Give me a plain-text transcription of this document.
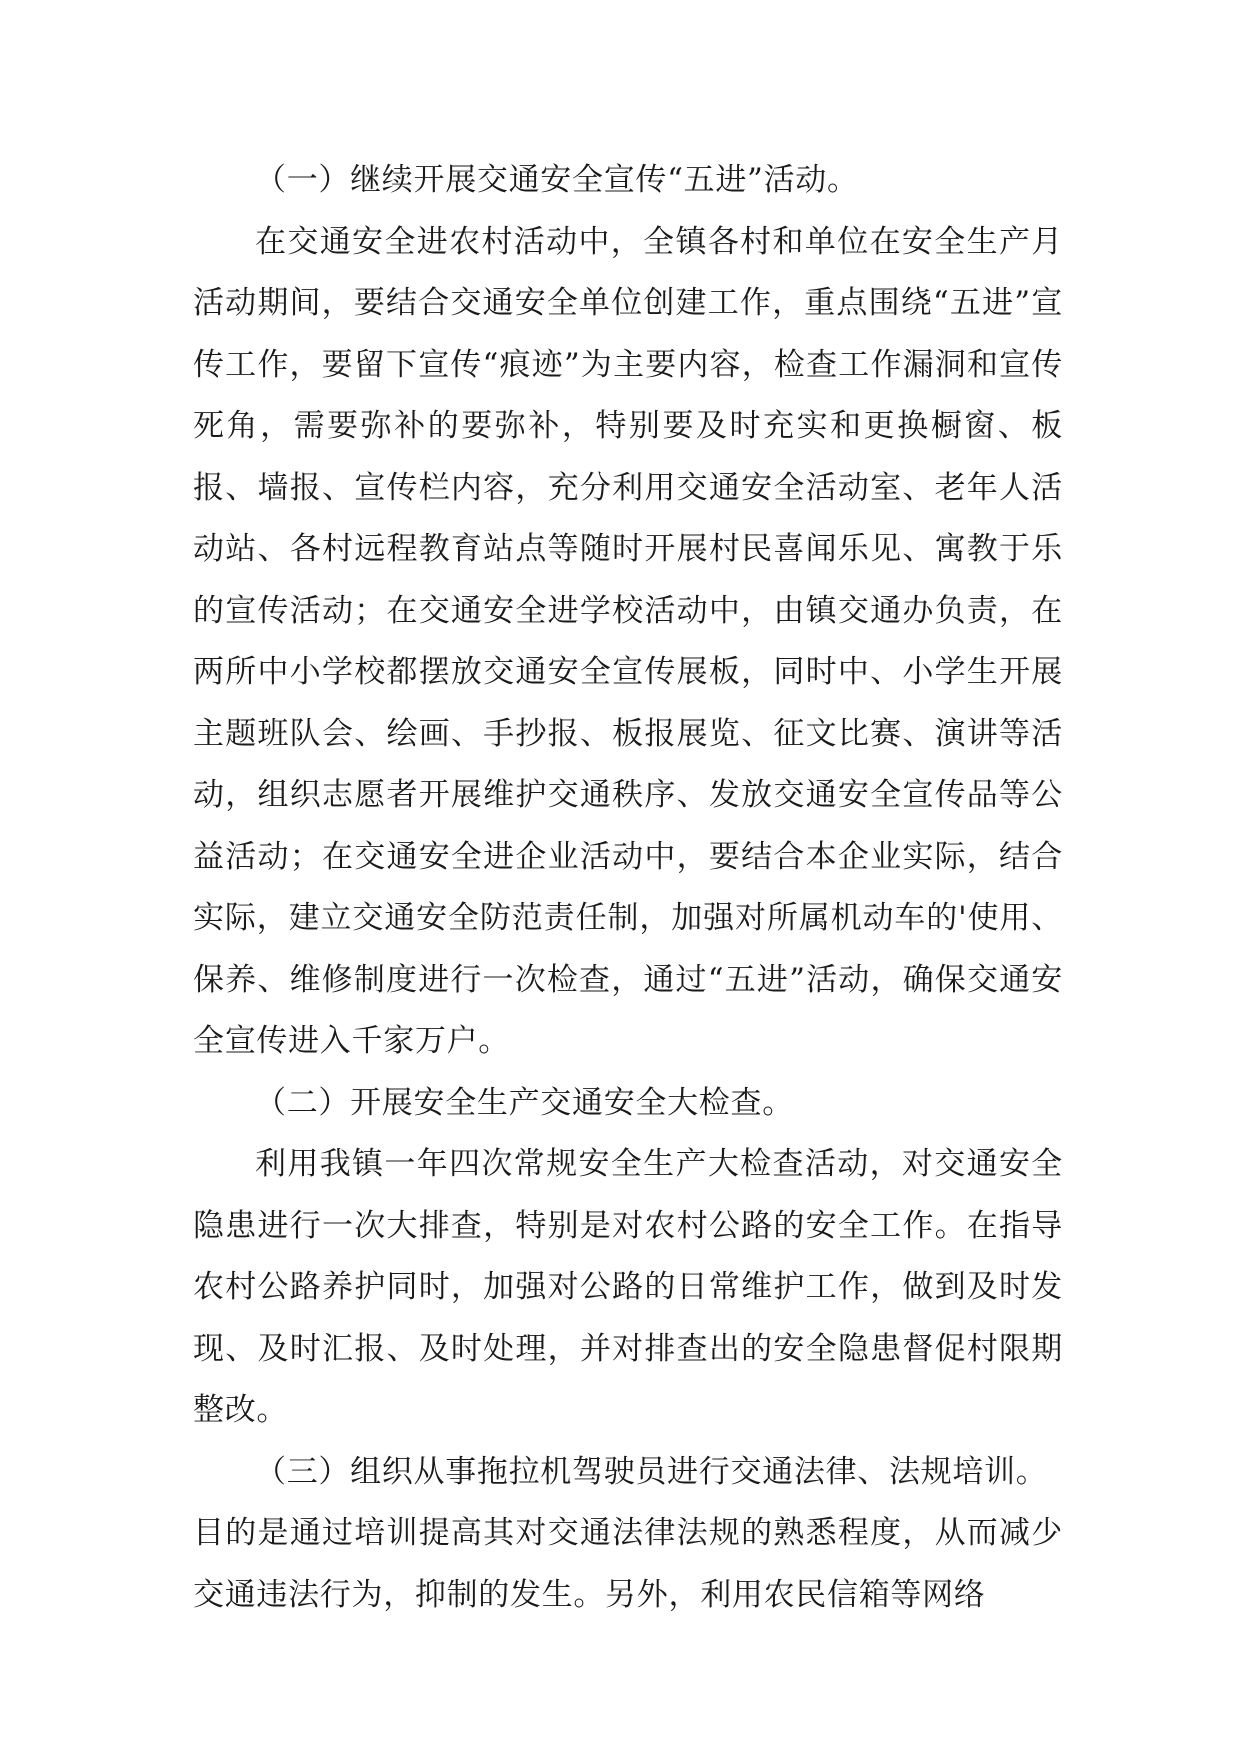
（一）继续开展交通安全宣传“五进”活动。

在交通安全进农村活动中，全镇各村和单位在安全生产月活动期间，要结合交通安全单位创建工作，重点围绕“五进”宣传工作，要留下宣传“痕迹”为主要内容，检查工作漏洞和宣传死角，需要弥补的要弥补，特别要及时充实和更换橱窗、板报、墙报、宣传栏内容，充分利用交通安全活动室、老年人活动站、各村远程教育站点等随时开展村民喜闻乐见、寓教于乐的宣传活动；在交通安全进学校活动中，由镇交通办负责，在两所中小学校都摆放交通安全宣传展板，同时中、小学生开展主题班队会、绘画、手抄报、板报展览、征文比赛、演讲等活动，组织志愿者开展维护交通秩序、发放交通安全宣传品等公益活动；在交通安全进企业活动中，要结合本企业实际，结合实际，建立交通安全防范责任制，加强对所属机动车的'使用、保养、维修制度进行一次检查，通过“五进”活动，确保交通安全宣传进入千家万户。

（二）开展安全生产交通安全大检查。

利用我镇一年四次常规安全生产大检查活动，对交通安全隐患进行一次大排查，特别是对农村公路的安全工作。在指导农村公路养护同时，加强对公路的日常维护工作，做到及时发现、及时汇报、及时处理，并对排查出的安全隐患督促村限期整改。

（三）组织从事拖拉机驾驶员进行交通法律、法规培训。

目的是通过培训提高其对交通法律法规的熟悉程度，从而减少交通违法行为，抑制的发生。另外，利用农民信箱等网络
